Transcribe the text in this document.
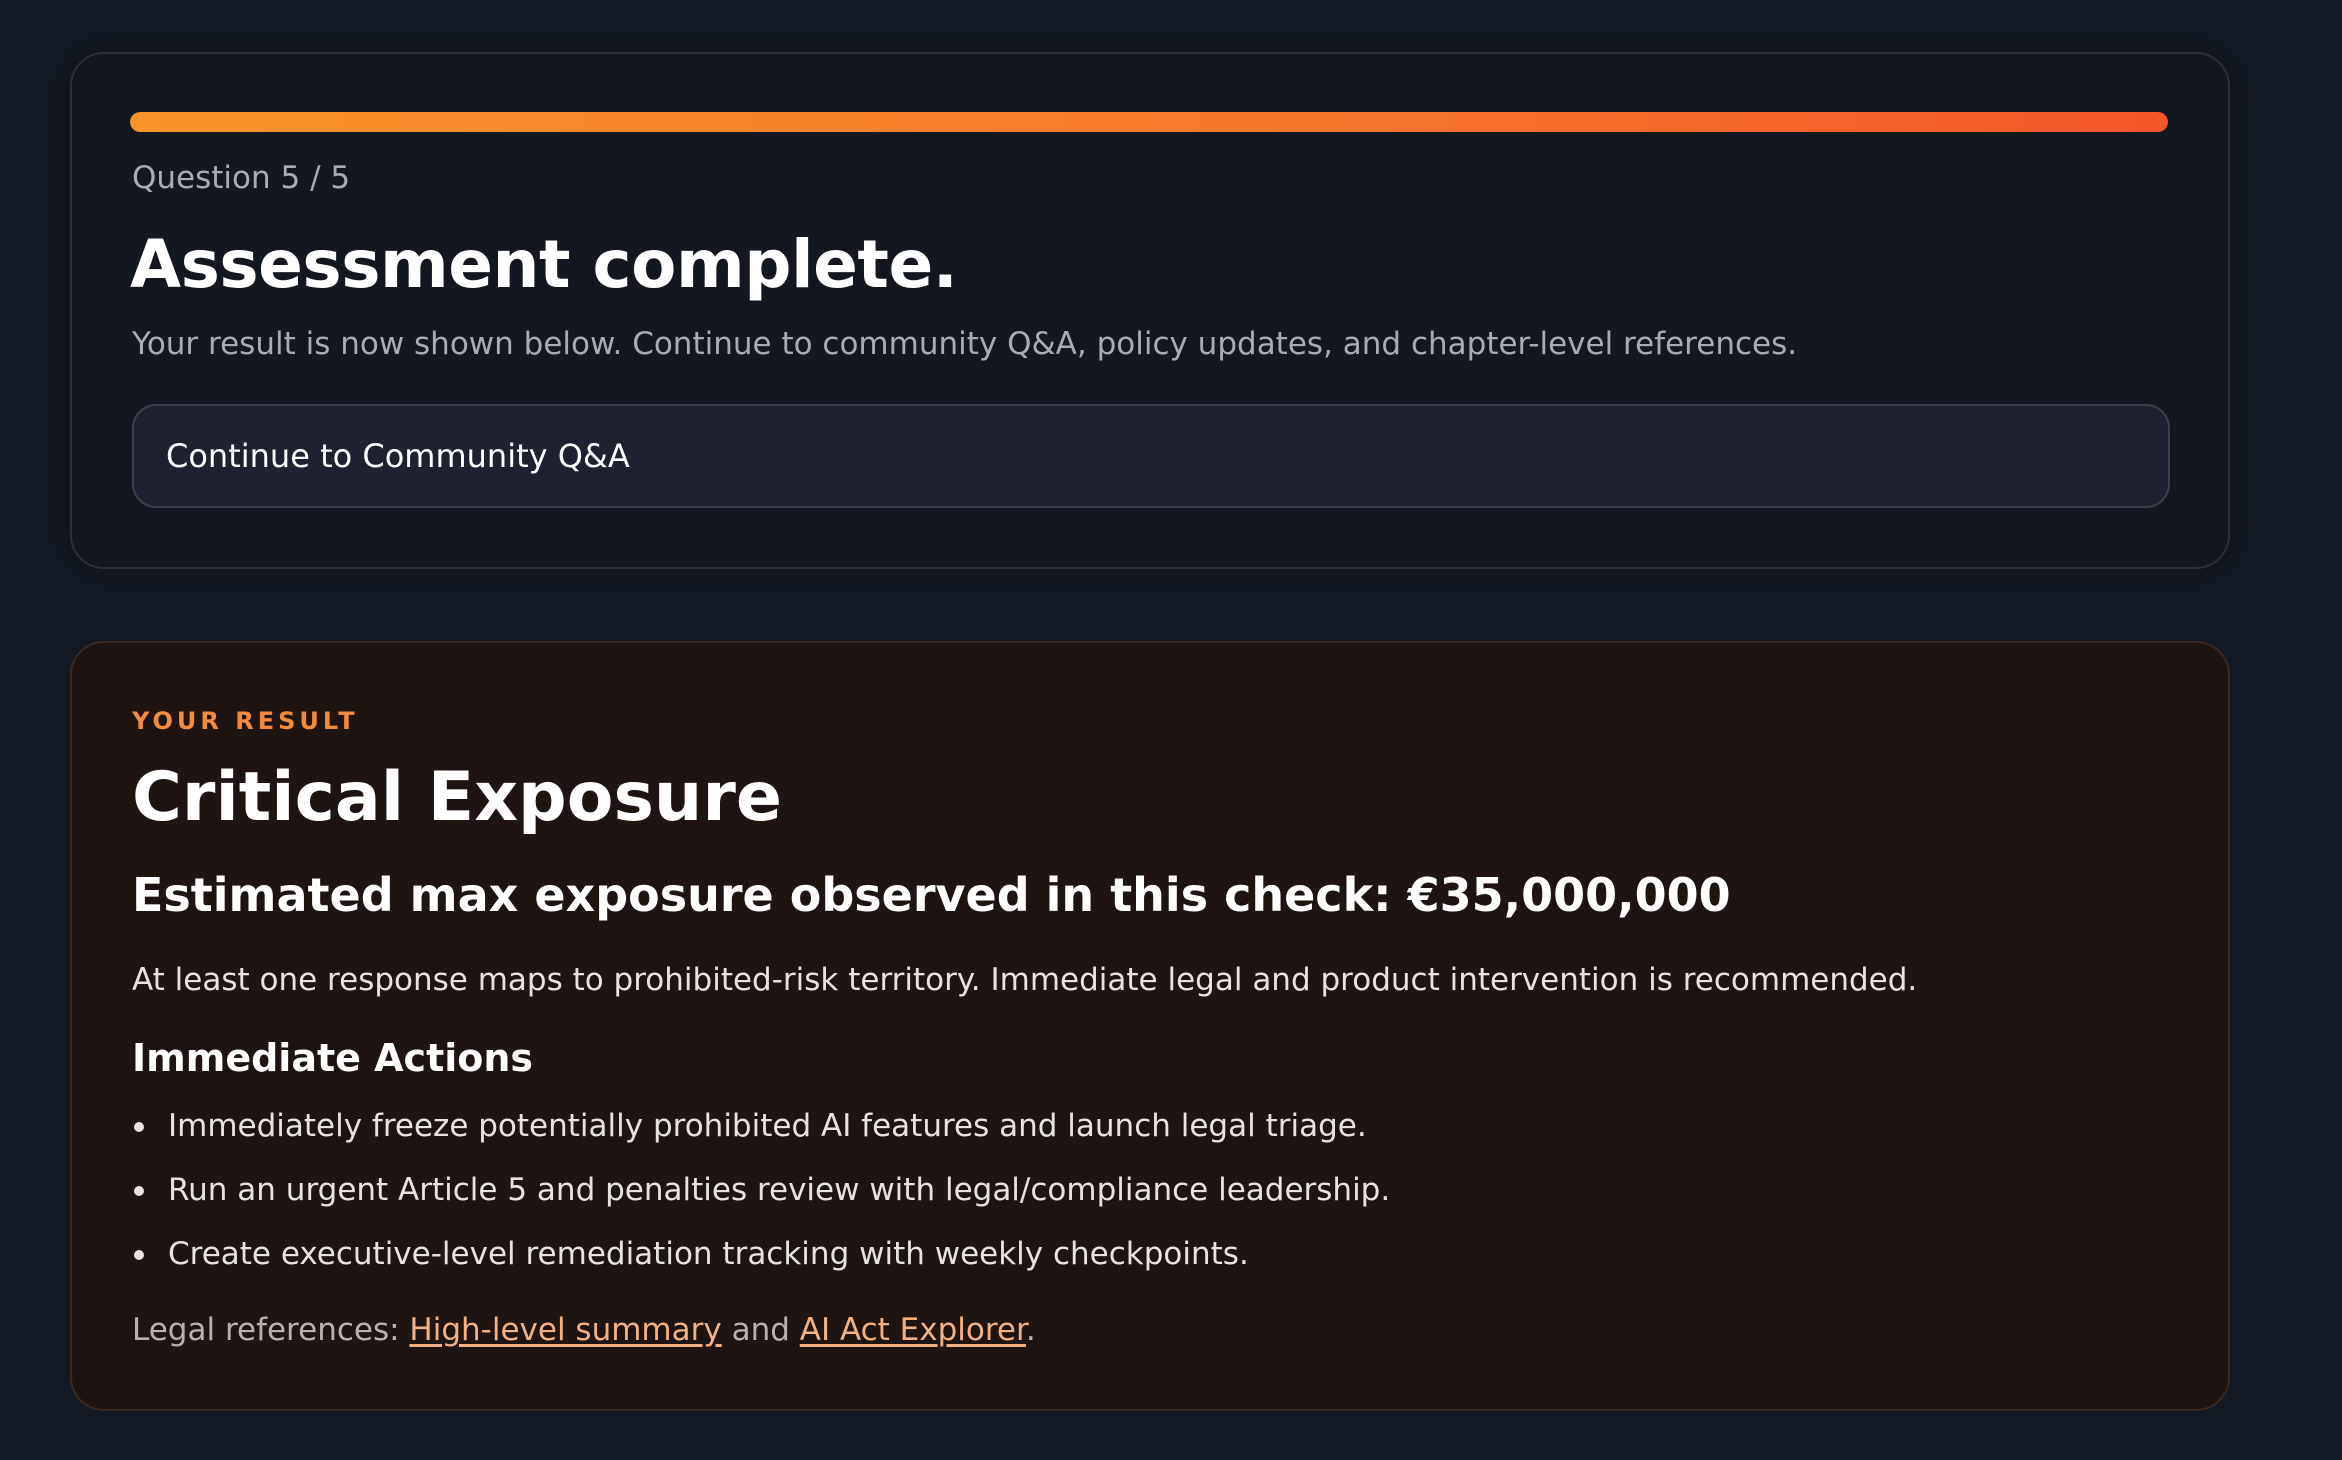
Question 5 / 5
Assessment complete.
Your result is now shown below. Continue to community Q&A, policy updates, and chapter-level references.
Continue to Community Q&A
YOUR RESULT
Critical Exposure
Estimated max exposure observed in this check: €35,000,000
At least one response maps to prohibited-risk territory. Immediate legal and product intervention is recommended.
Immediate Actions
Immediately freeze potentially prohibited AI features and launch legal triage.
Run an urgent Article 5 and penalties review with legal/compliance leadership.
Create executive-level remediation tracking with weekly checkpoints.
Legal references: High-level summary and AI Act Explorer.
